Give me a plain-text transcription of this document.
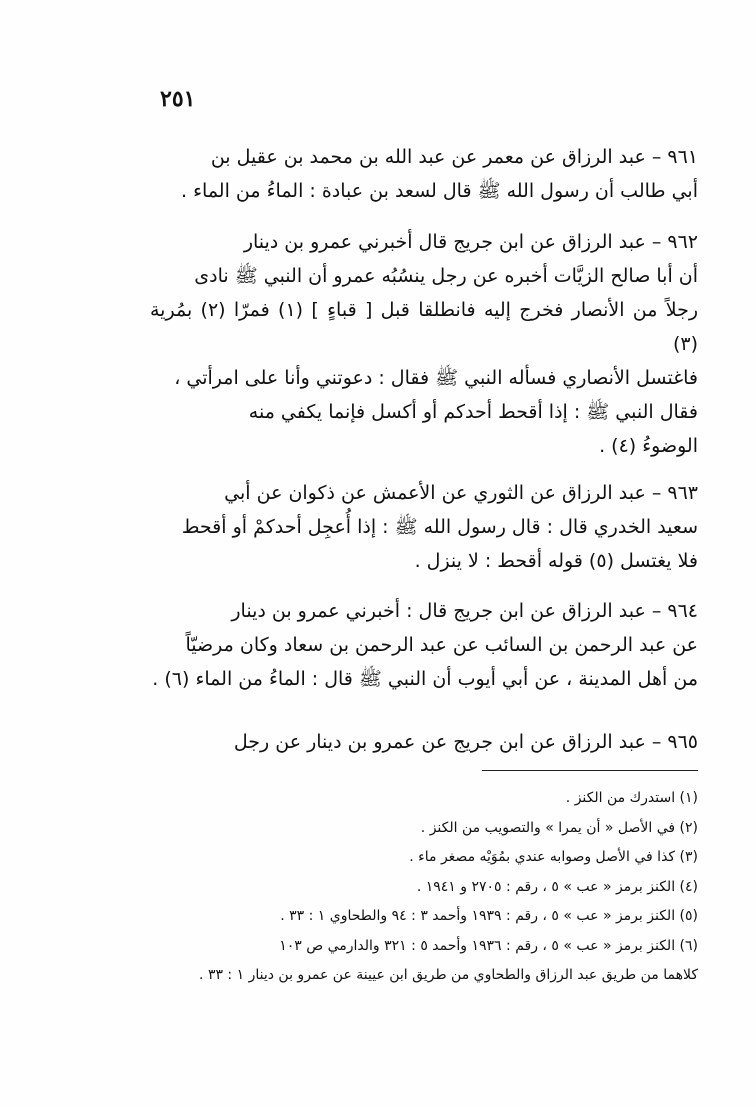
٢٥١

٩٦١ – عبد الرزاق عن معمر عن عبد الله بن محمد بن عقيل بن

أبي طالب أن رسول الله ﷺ قال لسعد بن عبادة : الماءُ من الماء .

٩٦٢ – عبد الرزاق عن ابن جريج قال أخبرني عمرو بن دينار

أن أبا صالح الزيَّات أخبره عن رجل ينسُبُه عمرو أن النبي ﷺ نادى

رجلاً من الأنصار فخرج إليه فانطلقا قبل [ قباءٍ ] (١) فمرّا (٢) بمُرية (٣)

فاغتسل الأنصاري فسأله النبي ﷺ فقال : دعوتني وأنا على امرأتي ،

فقال النبي ﷺ : إذا أقحط أحدكم أو أكسل فإنما يكفي منه

الوضوءُ (٤) .

٩٦٣ – عبد الرزاق عن الثوري عن الأعمش عن ذكوان عن أبي

سعيد الخدري قال : قال رسول الله ﷺ : إذا أُعجِل أحدكمْ أو أقحط

فلا يغتسل (٥) قوله أقحط : لا ينزل .

٩٦٤ – عبد الرزاق عن ابن جريج قال : أخبرني عمرو بن دينار

عن عبد الرحمن بن السائب عن عبد الرحمن بن سعاد وكان مرضيّاً

من أهل المدينة ، عن أبي أيوب أن النبي ﷺ قال : الماءُ من الماء (٦) .

٩٦٥ – عبد الرزاق عن ابن جريج عن عمرو بن دينار عن رجل

(١) استدرك من الكنز .
(٢) في الأصل « أن يمرا » والتصويب من الكنز .
(٣) كذا في الأصل وصوابه عندي بمُوَيْه مصغر ماء .
(٤) الكنز برمز « عب » ٥ ، رقم : ٢٧٠٥ و ١٩٤١ .
(٥) الكنز برمز « عب » ٥ ، رقم : ١٩٣٩ وأحمد ٣ : ٩٤ والطحاوي ١ : ٣٣ .
(٦) الكنز برمز « عب » ٥ ، رقم : ١٩٣٦ وأحمد ٥ : ٣٢١ والدارمي ص ١٠٣
كلاهما من طريق عبد الرزاق والطحاوي من طريق ابن عيينة عن عمرو بن دينار ١ : ٣٣ .
